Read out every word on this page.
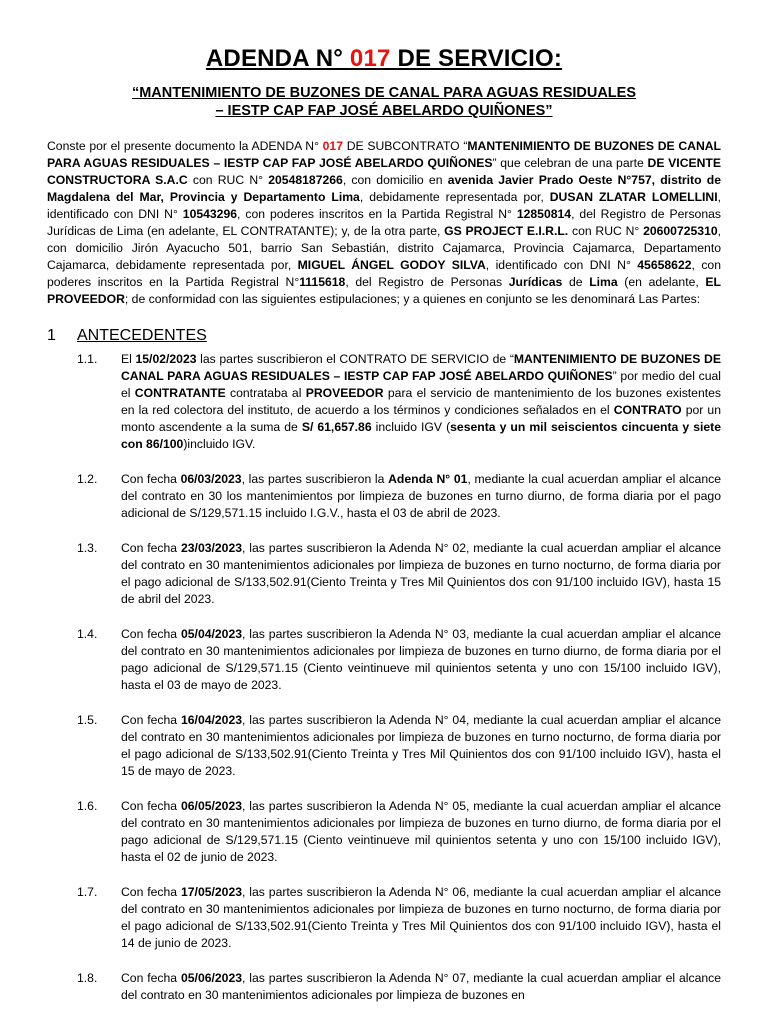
ADENDA N° 017 DE SERVICIO:
“MANTENIMIENTO DE BUZONES DE CANAL PARA AGUAS RESIDUALES
– IESTP CAP FAP JOSÉ ABELARDO QUIÑONES”
Conste por el presente documento la ADENDA N° 017 DE SUBCONTRATO “MANTENIMIENTO DE BUZONES DE CANAL PARA AGUAS RESIDUALES – IESTP CAP FAP JOSÉ ABELARDO QUIÑONES” que celebran de una parte DE VICENTE CONSTRUCTORA S.A.C con RUC N° 20548187266, con domicilio en avenida Javier Prado Oeste N°757, distrito de Magdalena del Mar, Provincia y Departamento Lima, debidamente representada por, DUSAN ZLATAR LOMELLINI, identificado con DNI N° 10543296, con poderes inscritos en la Partida Registral N° 12850814, del Registro de Personas Jurídicas de Lima (en adelante, EL CONTRATANTE); y, de la otra parte, GS PROJECT E.I.R.L. con RUC N° 20600725310, con domicilio Jirón Ayacucho 501, barrio San Sebastián, distrito Cajamarca, Provincia Cajamarca, Departamento Cajamarca, debidamente representada por, MIGUEL ÁNGEL GODOY SILVA, identificado con DNI N° 45658622, con poderes inscritos en la Partida Registral N°1115618, del Registro de Personas Jurídicas de Lima (en adelante, EL PROVEEDOR; de conformidad con las siguientes estipulaciones; y a quienes en conjunto se les denominará Las Partes:
1	ANTECEDENTES
1.1.	El 15/02/2023 las partes suscribieron el CONTRATO DE SERVICIO de “MANTENIMIENTO DE BUZONES DE CANAL PARA AGUAS RESIDUALES – IESTP CAP FAP JOSÉ ABELARDO QUIÑONES” por medio del cual el CONTRATANTE contrataba al PROVEEDOR para el servicio de mantenimiento de los buzones existentes en la red colectora del instituto, de acuerdo a los términos y condiciones señalados en el CONTRATO por un monto ascendente a la suma de S/ 61,657.86 incluido IGV (sesenta y un mil seiscientos cincuenta y siete con 86/100)incluido IGV.
1.2.	Con fecha 06/03/2023, las partes suscribieron la Adenda N° 01, mediante la cual acuerdan ampliar el alcance del contrato en 30 los mantenimientos por limpieza de buzones en turno diurno, de forma diaria por el pago adicional de S/129,571.15 incluido I.G.V., hasta el 03 de abril de 2023.
1.3.	Con fecha 23/03/2023, las partes suscribieron la Adenda N° 02, mediante la cual acuerdan ampliar el alcance del contrato en 30 mantenimientos adicionales por limpieza de buzones en turno nocturno, de forma diaria por el pago adicional de S/133,502.91(Ciento Treinta y Tres Mil Quinientos dos con 91/100 incluido IGV), hasta 15 de abril del 2023.
1.4.	Con fecha 05/04/2023, las partes suscribieron la Adenda N° 03, mediante la cual acuerdan ampliar el alcance del contrato en 30 mantenimientos adicionales por limpieza de buzones en turno diurno, de forma diaria por el pago adicional de S/129,571.15 (Ciento veintinueve mil quinientos setenta y uno con 15/100 incluido IGV), hasta el 03 de mayo de 2023.
1.5.	Con fecha 16/04/2023, las partes suscribieron la Adenda N° 04, mediante la cual acuerdan ampliar el alcance del contrato en 30 mantenimientos adicionales por limpieza de buzones en turno nocturno, de forma diaria por el pago adicional de S/133,502.91(Ciento Treinta y Tres Mil Quinientos dos con 91/100 incluido IGV), hasta el 15 de mayo de 2023.
1.6.	Con fecha 06/05/2023, las partes suscribieron la Adenda N° 05, mediante la cual acuerdan ampliar el alcance del contrato en 30 mantenimientos adicionales por limpieza de buzones en turno diurno, de forma diaria por el pago adicional de S/129,571.15 (Ciento veintinueve mil quinientos setenta y uno con 15/100 incluido IGV), hasta el 02 de junio de 2023.
1.7.	Con fecha 17/05/2023, las partes suscribieron la Adenda N° 06, mediante la cual acuerdan ampliar el alcance del contrato en 30 mantenimientos adicionales por limpieza de buzones en turno nocturno, de forma diaria por el pago adicional de S/133,502.91(Ciento Treinta y Tres Mil Quinientos dos con 91/100 incluido IGV), hasta el 14 de junio de 2023.
1.8.	Con fecha 05/06/2023, las partes suscribieron la Adenda N° 07, mediante la cual acuerdan ampliar el alcance del contrato en 30 mantenimientos adicionales por limpieza de buzones en
